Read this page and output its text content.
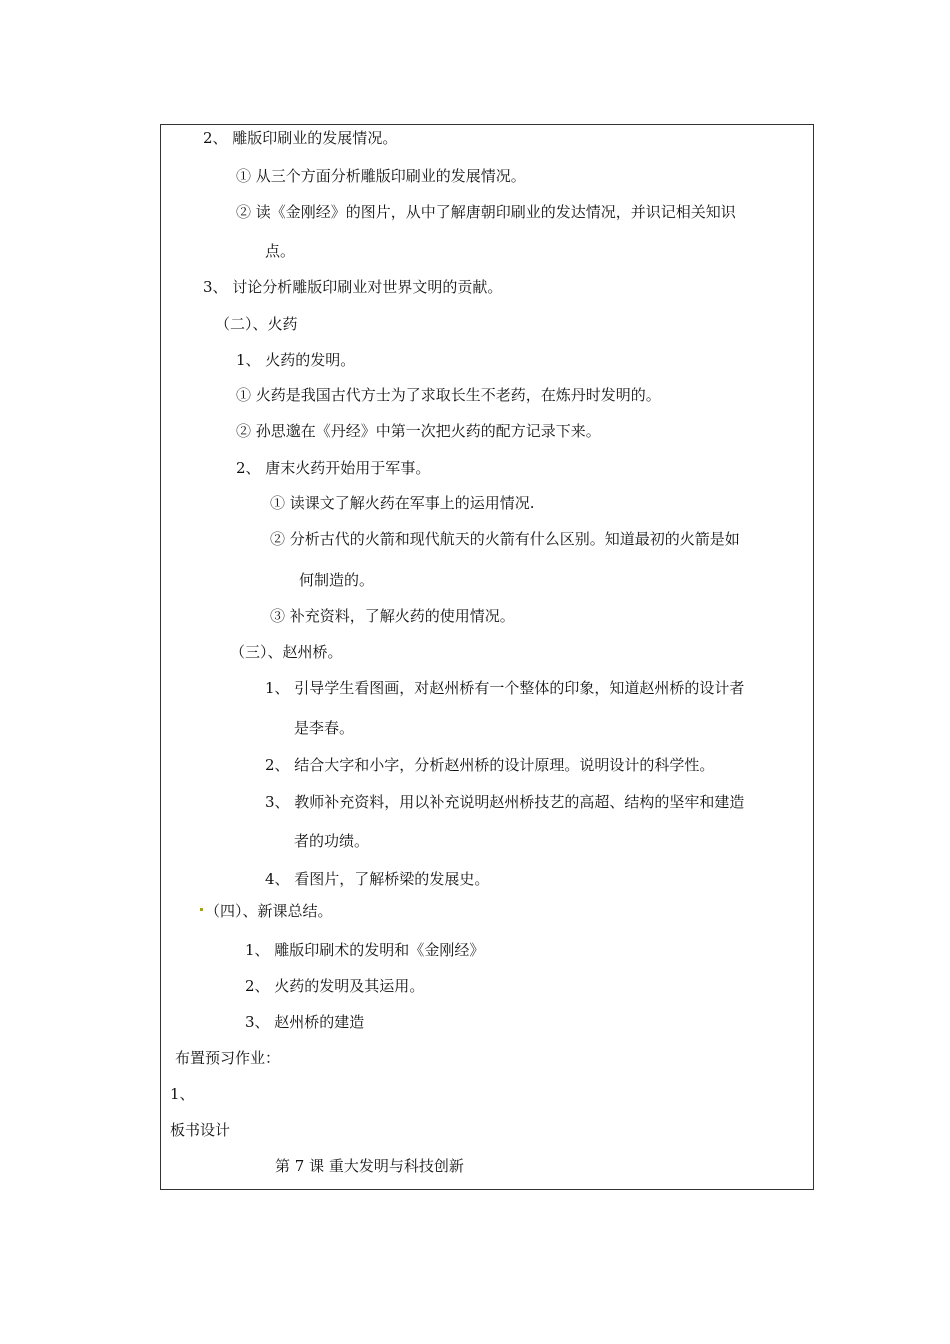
2、 雕版印刷业的发展情况。
① 从三个方面分析雕版印刷业的发展情况。
② 读《金刚经》的图片，从中了解唐朝印刷业的发达情况，并识记相关知识
点。
3、 讨论分析雕版印刷业对世界文明的贡献。
（二）、火药
1、 火药的发明。
① 火药是我国古代方士为了求取长生不老药，在炼丹时发明的。
② 孙思邈在《丹经》中第一次把火药的配方记录下来。
2、 唐末火药开始用于军事。
① 读课文了解火药在军事上的运用情况.
② 分析古代的火箭和现代航天的火箭有什么区别。知道最初的火箭是如
何制造的。
③ 补充资料，了解火药的使用情况。
（三）、赵州桥。
1、 引导学生看图画，对赵州桥有一个整体的印象，知道赵州桥的设计者
是李春。
2、 结合大字和小字，分析赵州桥的设计原理。说明设计的科学性。
3、 教师补充资料，用以补充说明赵州桥技艺的高超、结构的坚牢和建造
者的功绩。
4、 看图片，了解桥梁的发展史。
（四）、新课总结。
1、 雕版印刷术的发明和《金刚经》
2、 火药的发明及其运用。
3、 赵州桥的建造
布置预习作业：
1、
板书设计
第 7 课 重大发明与科技创新
